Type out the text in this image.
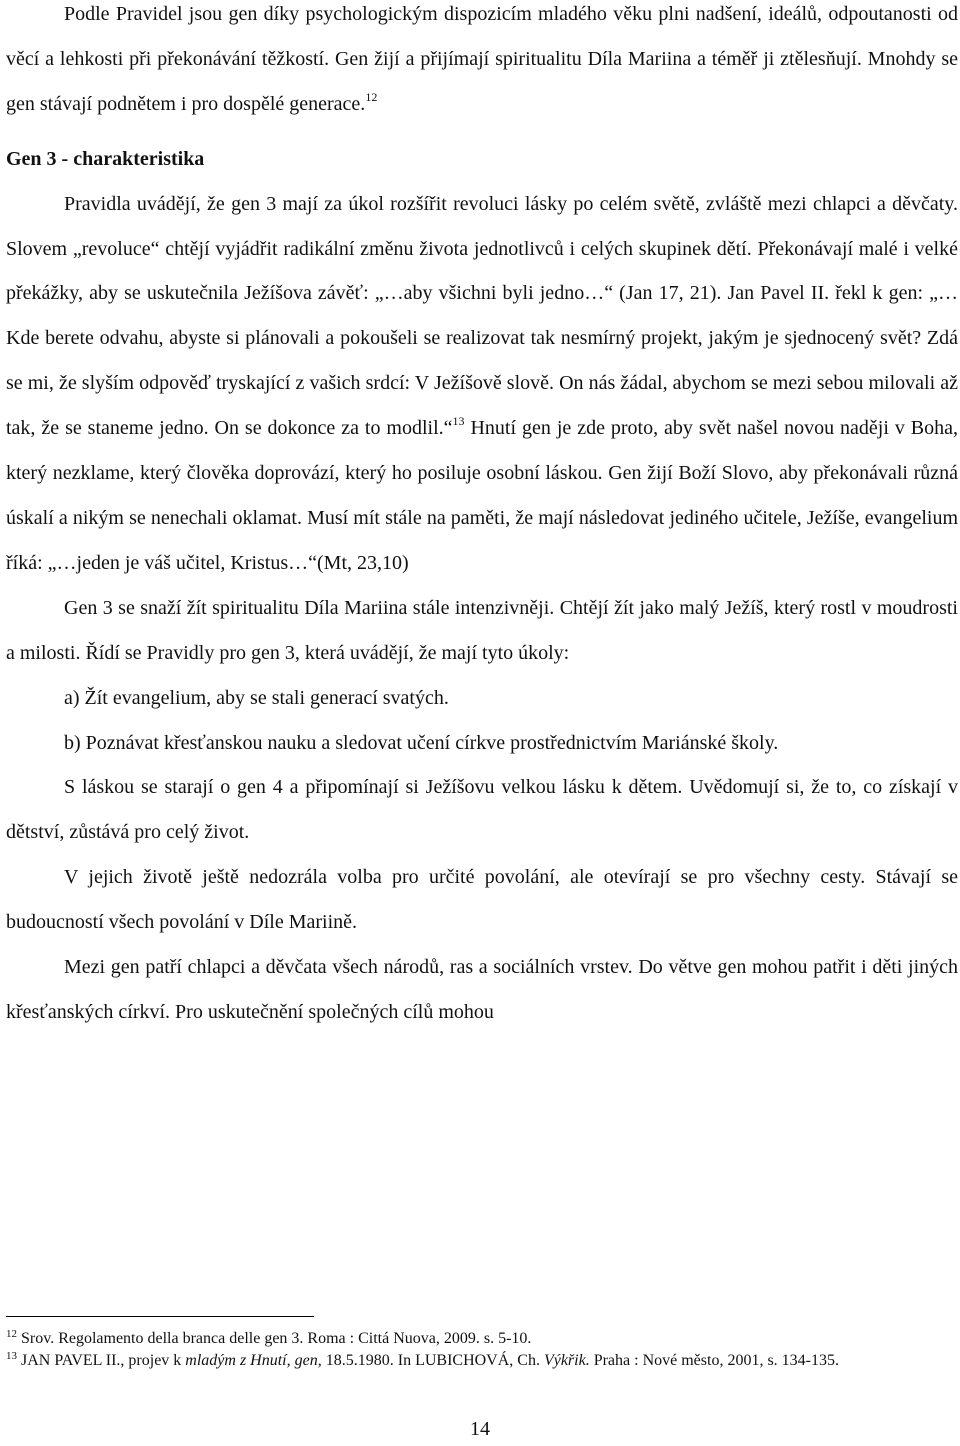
Podle Pravidel jsou gen díky psychologickým dispozicím mladého věku plni nadšení, ideálů, odpoutanosti od věcí a lehkosti při překonávání těžkostí. Gen žijí a přijímají spiritualitu Díla Mariina a téměř ji ztělesňují. Mnohdy se gen stávají podnětem i pro dospělé generace.$^{12}$

Gen 3 - charakteristika

Pravidla uvádějí, že gen 3 mají za úkol rozšířit revoluci lásky po celém světě, zvláště mezi chlapci a děvčaty. Slovem „revoluce“ chtějí vyjádřit radikální změnu života jednotlivců i celých skupinek dětí. Překonávají malé i velké překážky, aby se uskutečnila Ježíšova závěť: „…aby všichni byli jedno…“ (Jan 17, 21). Jan Pavel II. řekl k gen: „…Kde berete odvahu, abyste si plánovali a pokoušeli se realizovat tak nesmírný projekt, jakým je sjednocený svět? Zdá se mi, že slyším odpověď tryskající z vašich srdcí: V Ježíšově slově. On nás žádal, abychom se mezi sebou milovali až tak, že se staneme jedno. On se dokonce za to modlil.“$^{13}$ Hnutí gen je zde proto, aby svět našel novou naději v Boha, který nezklame, který člověka doprovází, který ho posiluje osobní láskou. Gen žijí Boží Slovo, aby překonávali různá úskalí a nikým se nenechali oklamat. Musí mít stále na paměti, že mají následovat jediného učitele, Ježíše, evangelium říká: „…jeden je váš učitel, Kristus…“(Mt, 23,10)

Gen 3 se snaží žít spiritualitu Díla Mariina stále intenzivněji. Chtějí žít jako malý Ježíš, který rostl v moudrosti a milosti. Řídí se Pravidly pro gen 3, která uvádějí, že mají tyto úkoly:

a) Žít evangelium, aby se stali generací svatých.

b) Poznávat křesťanskou nauku a sledovat učení církve prostřednictvím Mariánské školy.

S láskou se starají o gen 4 a připomínají si Ježíšovu velkou lásku k dětem. Uvědomují si, že to, co získají v dětství, zůstává pro celý život.

V jejich životě ještě nedozrála volba pro určité povolání, ale otevírají se pro všechny cesty. Stávají se budoucností všech povolání v Díle Mariině.

Mezi gen patří chlapci a děvčata všech národů, ras a sociálních vrstev. Do větve gen mohou patřit i děti jiných křesťanských církví. Pro uskutečnění společných cílů mohou

$^{12}$ Srov. Regolamento della branca delle gen 3. Roma : Cittá Nuova, 2009. s. 5-10.

$^{13}$ JAN PAVEL II., projev k mladým z Hnutí, gen, 18.5.1980. In LUBICHOVÁ, Ch. Výkřik. Praha : Nové město, 2001, s. 134-135.

14
